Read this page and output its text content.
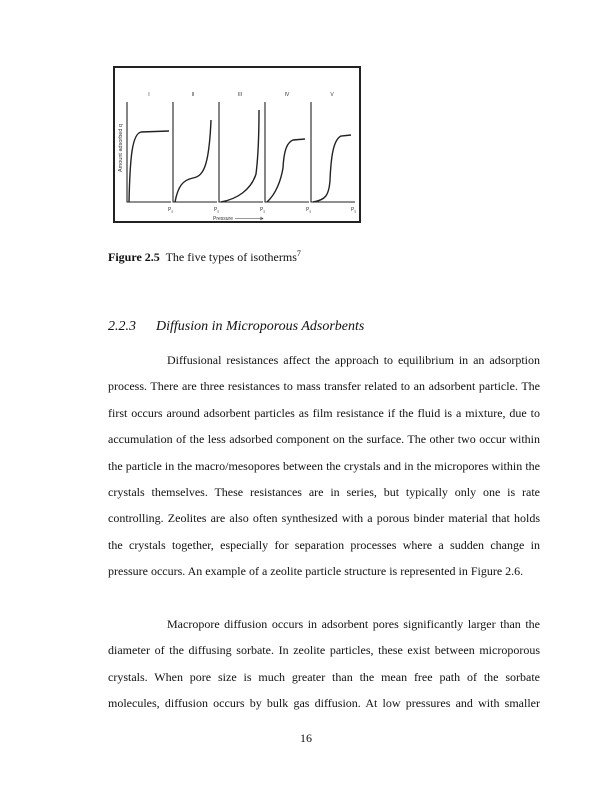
Amount adsorbed q
I	II	III	IV	V
$P_s$	$P_s$	$P_s$	$P_s$	$P_s$
Pressure
Figure 2.5 The five types of isotherms$^7$
2.2.3 Diffusion in Microporous Adsorbents
Diffusional resistances affect the approach to equilibrium in an adsorption
process. There are three resistances to mass transfer related to an adsorbent particle. The
first occurs around adsorbent particles as film resistance if the fluid is a mixture, due to
accumulation of the less adsorbed component on the surface. The other two occur within
the particle in the macro/mesopores between the crystals and in the micropores within the
crystals themselves. These resistances are in series, but typically only one is rate
controlling. Zeolites are also often synthesized with a porous binder material that holds
the crystals together, especially for separation processes where a sudden change in
pressure occurs. An example of a zeolite particle structure is represented in Figure 2.6.
Macropore diffusion occurs in adsorbent pores significantly larger than the
diameter of the diffusing sorbate. In zeolite particles, these exist between microporous
crystals. When pore size is much greater than the mean free path of the sorbate
molecules, diffusion occurs by bulk gas diffusion. At low pressures and with smaller
16
